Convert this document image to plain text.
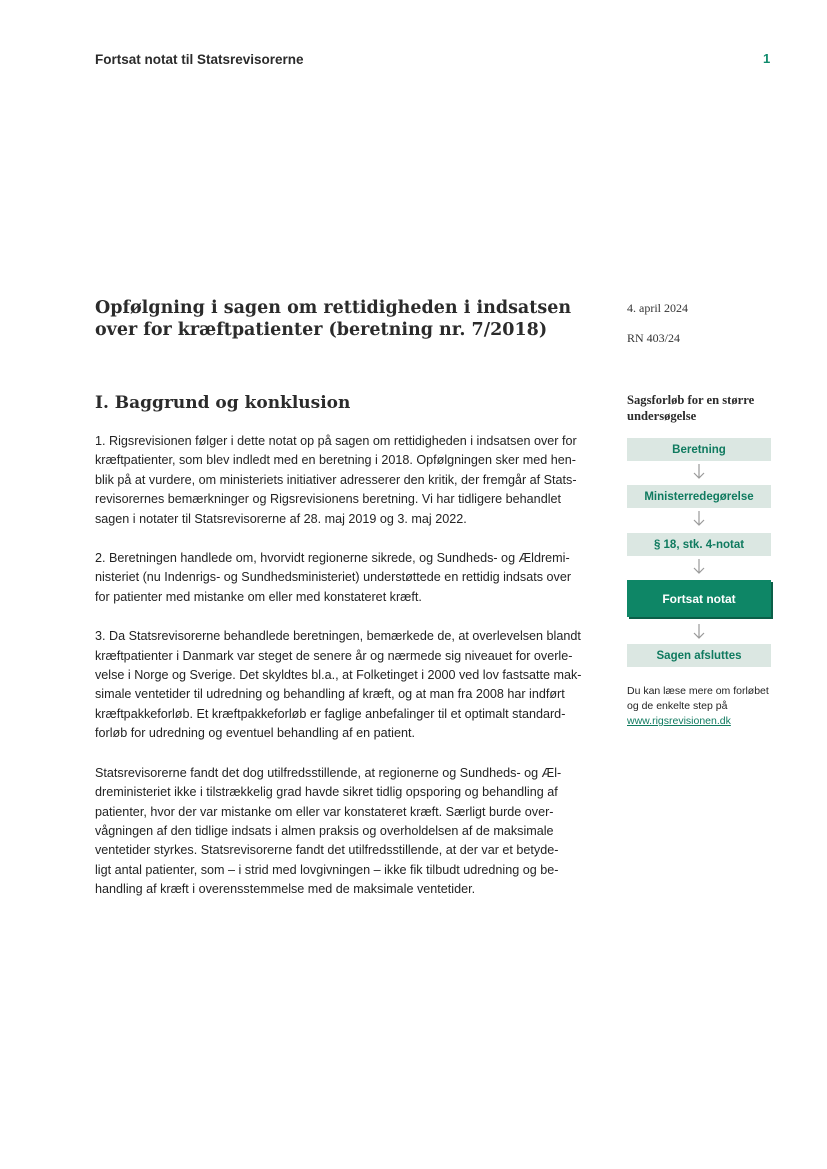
Fortsat notat til Statsrevisorerne	1
Opfølgning i sagen om rettidigheden i indsatsen over for kræftpatienter (beretning nr. 7/2018)
4. april 2024
RN 403/24
I. Baggrund og konklusion

1. Rigsrevisionen følger i dette notat op på sagen om rettidigheden i indsatsen over for
kræftpatienter, som blev indledt med en beretning i 2018. Opfølgningen sker med hen-
blik på at vurdere, om ministeriets initiativer adresserer den kritik, der fremgår af Stats-
revisorernes bemærkninger og Rigsrevisionens beretning. Vi har tidligere behandlet
sagen i notater til Statsrevisorerne af 28. maj 2019 og 3. maj 2022.

2. Beretningen handlede om, hvorvidt regionerne sikrede, og Sundheds- og Ældremi-
nisteriet (nu Indenrigs- og Sundhedsministeriet) understøttede en rettidig indsats over
for patienter med mistanke om eller med konstateret kræft.

3. Da Statsrevisorerne behandlede beretningen, bemærkede de, at overlevelsen blandt
kræftpatienter i Danmark var steget de senere år og nærmede sig niveauet for overle-
velse i Norge og Sverige. Det skyldtes bl.a., at Folketinget i 2000 ved lov fastsatte mak-
simale ventetider til udredning og behandling af kræft, og at man fra 2008 har indført
kræftpakkeforløb. Et kræftpakkeforløb er faglige anbefalinger til et optimalt standard-
forløb for udredning og eventuel behandling af en patient.

Statsrevisorerne fandt det dog utilfredsstillende, at regionerne og Sundheds- og Æl-
dreministeriet ikke i tilstrækkelig grad havde sikret tidlig opsporing og behandling af
patienter, hvor der var mistanke om eller var konstateret kræft. Særligt burde over-
vågningen af den tidlige indsats i almen praksis og overholdelsen af de maksimale
ventetider styrkes. Statsrevisorerne fandt det utilfredsstillende, at der var et betyde-
ligt antal patienter, som – i strid med lovgivningen – ikke fik tilbudt udredning og be-
handling af kræft i overensstemmelse med de maksimale ventetider.

Sagsforløb for en større undersøgelse

Beretning
Ministerredegørelse
§ 18, stk. 4-notat
Fortsat notat
Sagen afsluttes
Du kan læse mere om forløbet og de enkelte step på www.rigsrevisionen.dk
